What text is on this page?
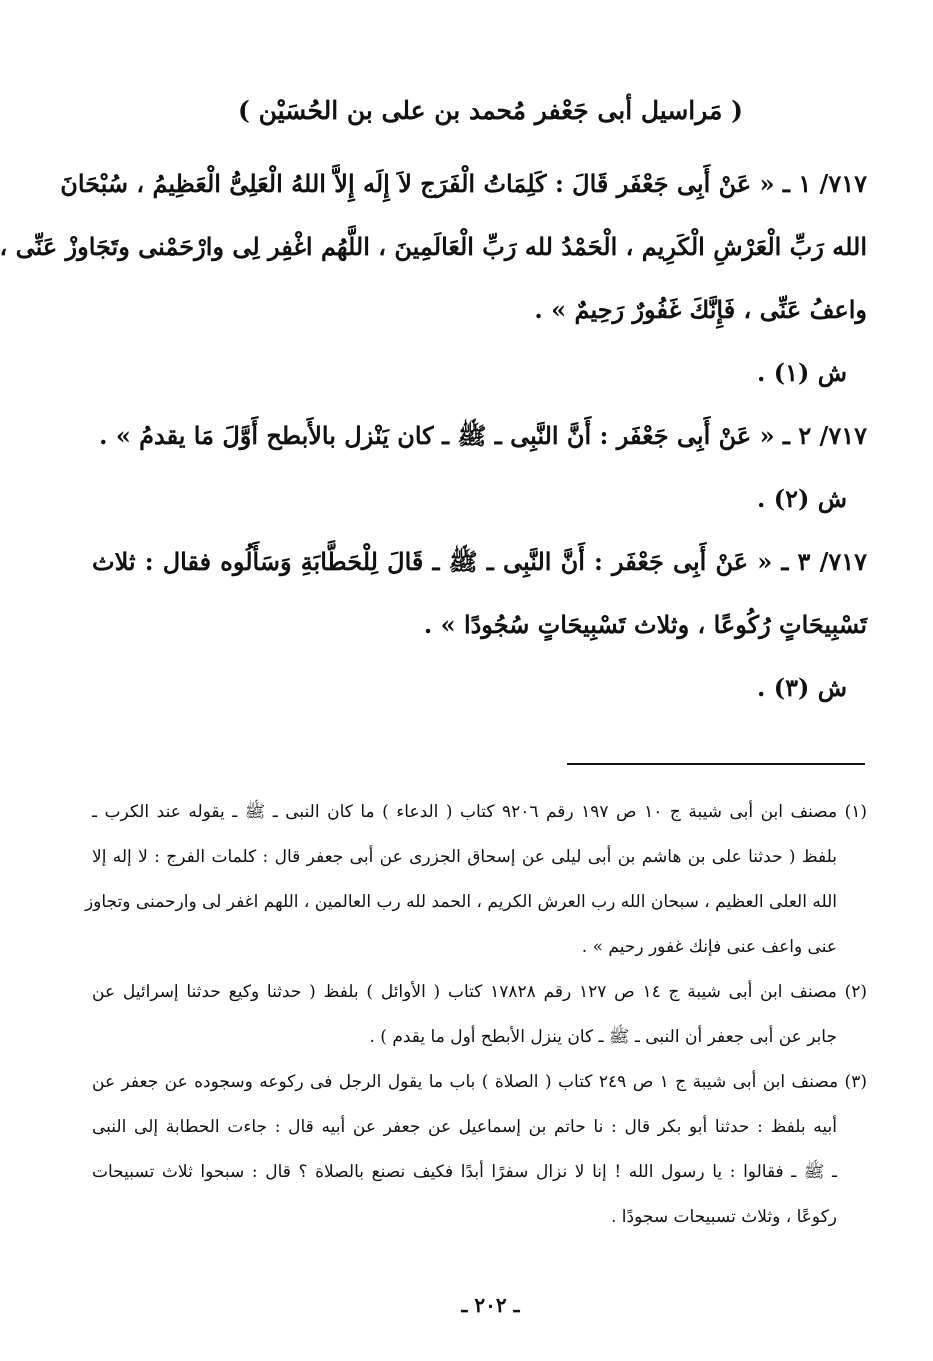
( مَراسيل أبى جَعْفر مُحمد بن على بن الحُسَيْن )
٧١٧/ ١ ـ « عَنْ أَبِى جَعْفَر قَالَ : كَلِمَاتُ الْفَرَج لاَ إِلَه إِلاَّ اللهُ الْعَلِىُّ الْعَظِيمُ ، سُبْحَانَ
الله رَبِّ الْعَرْشِ الْكَرِيم ، الْحَمْدُ لله رَبِّ الْعَالَمِينَ ، اللَّهُم اغْفِر لِى وارْحَمْنى وتَجَاوزْ عَنِّى ،
واعفُ عَنِّى ، فَإِنَّكَ غَفُورٌ رَحِيمٌ » .
ش (١) .
٧١٧/ ٢ ـ « عَنْ أَبِى جَعْفَر : أَنَّ النَّبِى ـ ﷺ ـ كان يَنْزل بالأَبطح أَوَّلَ مَا يقدمُ » .
ش (٢) .
٧١٧/ ٣ ـ « عَنْ أَبِى جَعْفَر : أَنَّ النَّبِى ـ ﷺ ـ قَالَ لِلْحَطَّابَةِ وَسَأَلُوه فقال : ثلاث
تَسْبِيحَاتٍ رُكُوعًا ، وثلاث تَسْبِيحَاتٍ سُجُودًا » .
ش (٣) .
(١) مصنف ابن أبى شيبة ج ١٠ ص ١٩٧ رقم ٩٢٠٦ كتاب ( الدعاء ) ما كان النبى ـ ﷺ ـ يقوله عند الكرب ـ
بلفظ ( حدثنا على بن هاشم بن أبى ليلى عن إسحاق الجزرى عن أبى جعفر قال : كلمات الفرج : لا إله إلا
الله العلى العظيم ، سبحان الله رب العرش الكريم ، الحمد لله رب العالمين ، اللهم اغفر لى وارحمنى وتجاوز
عنى واعف عنى فإنك غفور رحيم » .
(٢) مصنف ابن أبى شيبة ج ١٤ ص ١٢٧ رقم ١٧٨٢٨ كتاب ( الأوائل ) بلفظ ( حدثنا وكيع حدثنا إسرائيل عن
جابر عن أبى جعفر أن النبى ـ ﷺ ـ كان ينزل الأبطح أول ما يقدم ) .
(٣) مصنف ابن أبى شيبة ج ١ ص ٢٤٩ كتاب ( الصلاة ) باب ما يقول الرجل فى ركوعه وسجوده عن جعفر عن
أبيه بلفظ : حدثنا أبو بكر قال : نا حاتم بن إسماعيل عن جعفر عن أبيه قال : جاءت الحطابة إلى النبى
ـ ﷺ ـ فقالوا : يا رسول الله ! إنا لا نزال سفرًا أبدًا فكيف نصنع بالصلاة ؟ قال : سبحوا ثلاث تسبيحات
ركوعًا ، وثلاث تسبيحات سجودًا .
ـ ٢٠٢ ـ
